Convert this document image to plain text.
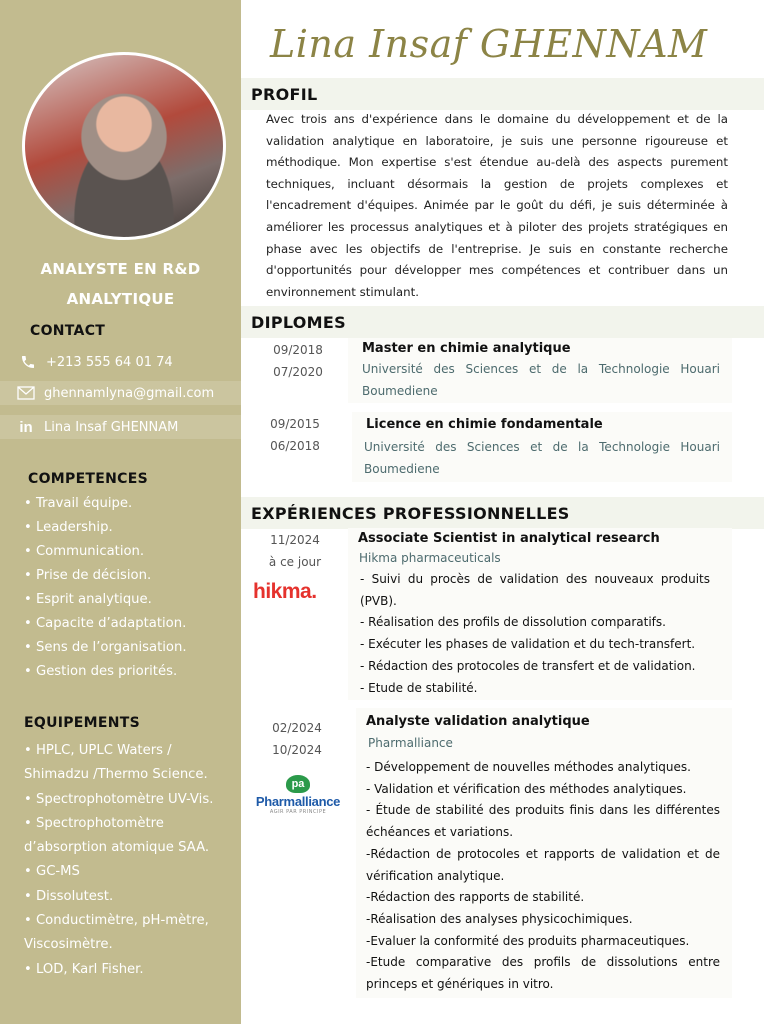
ANALYSTE EN R&D
ANALYTIQUE
CONTACT
+213 555 64 01 74
ghennamlyna@gmail.com
in Lina Insaf GHENNAM
COMPETENCES
• Travail équipe.
• Leadership.
• Communication.
• Prise de décision.
• Esprit analytique.
• Capacite d’adaptation.
• Sens de l’organisation.
• Gestion des priorités.
EQUIPEMENTS
• HPLC, UPLC Waters / Shimadzu /Thermo Science.
• Spectrophotomètre UV-Vis.
• Spectrophotomètre d’absorption atomique SAA.
• GC-MS
• Dissolutest.
• Conductimètre, pH-mètre, Viscosimètre.
• LOD, Karl Fisher.
Lina Insaf GHENNAM
PROFIL
Avec trois ans d'expérience dans le domaine du développement et de la validation analytique en laboratoire, je suis une personne rigoureuse et méthodique. Mon expertise s'est étendue au-delà des aspects purement techniques, incluant désormais la gestion de projets complexes et l'encadrement d'équipes. Animée par le goût du défi, je suis déterminée à améliorer les processus analytiques et à piloter des projets stratégiques en phase avec les objectifs de l'entreprise. Je suis en constante recherche d'opportunités pour développer mes compétences et contribuer dans un environnement stimulant.
DIPLOMES
09/2018
07/2020
Master en chimie analytique
Université des Sciences et de la Technologie Houari Boumediene
09/2015
06/2018
Licence en chimie fondamentale
Université des Sciences et de la Technologie Houari Boumediene
EXPÉRIENCES PROFESSIONNELLES
11/2024
à ce jour
hikma.
Associate Scientist in analytical research
Hikma pharmaceuticals
- Suivi du procès de validation des nouveaux produits (PVB).
- Réalisation des profils de dissolution comparatifs.
- Exécuter les phases de validation et du tech-transfert.
- Rédaction des protocoles de transfert et de validation.
- Etude de stabilité.
02/2024
10/2024
pa
Pharmalliance
AGIR PAR PRINCIPE
Analyste validation analytique
Pharmalliance
- Développement de nouvelles méthodes analytiques.
- Validation et vérification des méthodes analytiques.
- Étude de stabilité des produits finis dans les différentes échéances et variations.
-Rédaction de protocoles et rapports de validation et de vérification analytique.
-Rédaction des rapports de stabilité.
-Réalisation des analyses physicochimiques.
-Evaluer la conformité des produits pharmaceutiques.
-Etude comparative des profils de dissolutions entre princeps et génériques in vitro.
